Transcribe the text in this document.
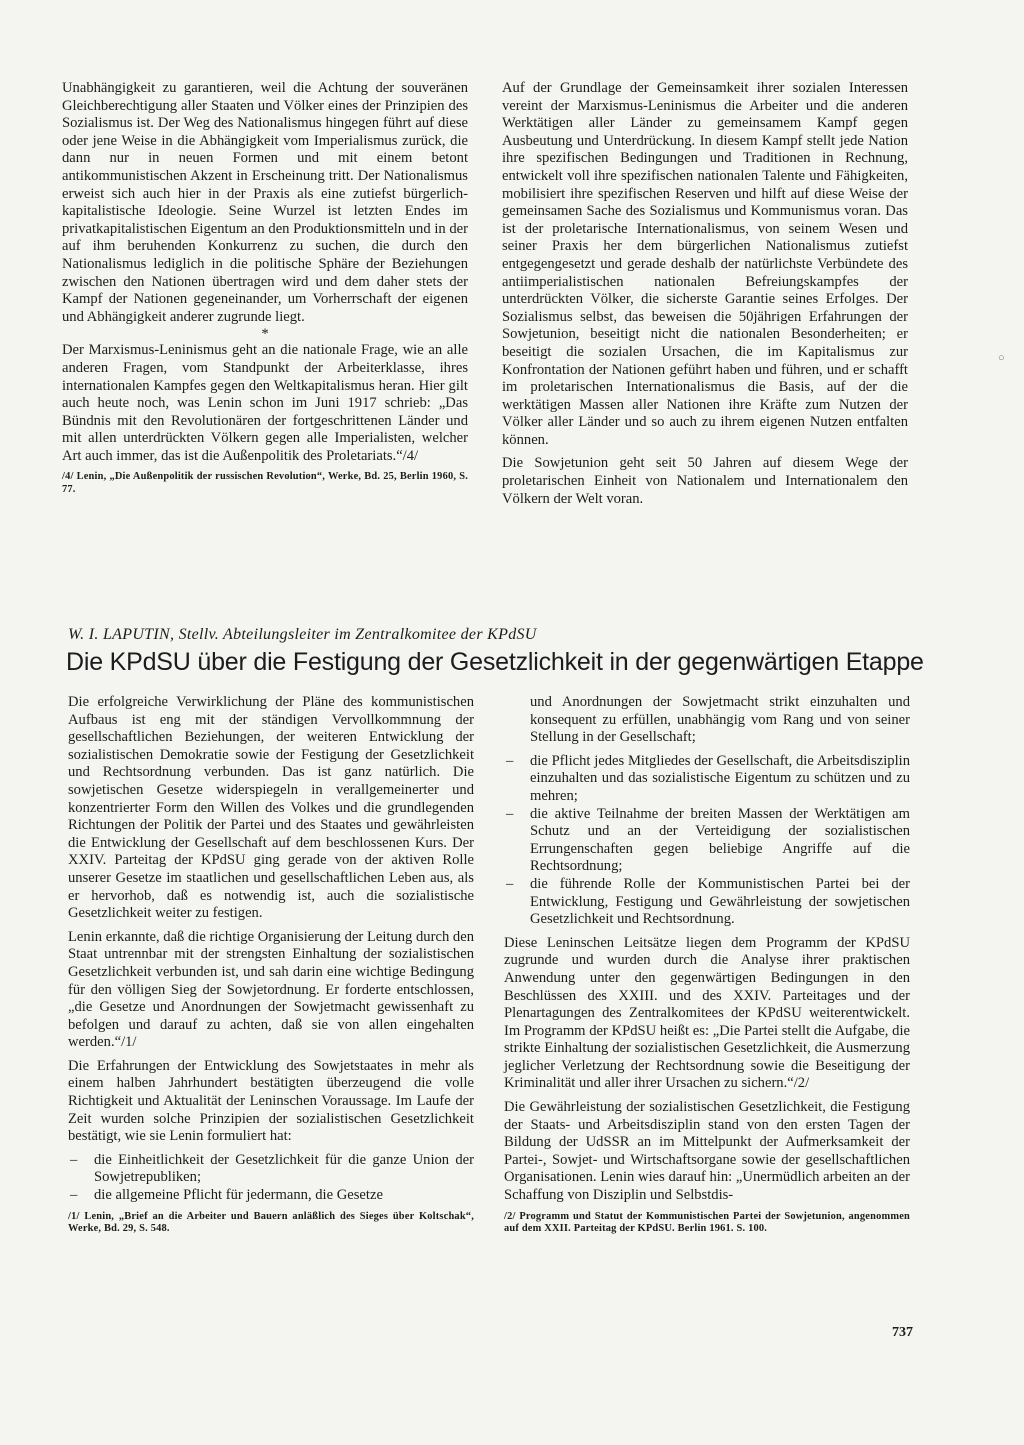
Unabhängigkeit zu garantieren, weil die Achtung der souveränen Gleichberechtigung aller Staaten und Völker eines der Prinzipien des Sozialismus ist. Der Weg des Nationalismus hingegen führt auf diese oder jene Weise in die Abhängigkeit vom Imperialismus zurück, die dann nur in neuen Formen und mit einem betont antikommunistischen Akzent in Erscheinung tritt. Der Nationalismus erweist sich auch hier in der Praxis als eine zutiefst bürgerlich-kapitalistische Ideologie. Seine Wurzel ist letzten Endes im privatkapitalistischen Eigentum an den Produktionsmitteln und in der auf ihm beruhenden Konkurrenz zu suchen, die durch den Nationalismus lediglich in die politische Sphäre der Beziehungen zwischen den Nationen übertragen wird und dem daher stets der Kampf der Nationen gegeneinander, um Vorherrschaft der eigenen und Abhängigkeit anderer zugrunde liegt.

*

Der Marxismus-Leninismus geht an die nationale Frage, wie an alle anderen Fragen, vom Standpunkt der Arbeiterklasse, ihres internationalen Kampfes gegen den Weltkapitalismus heran. Hier gilt auch heute noch, was Lenin schon im Juni 1917 schrieb: „Das Bündnis mit den Revolutionären der fortgeschrittenen Länder und mit allen unterdrückten Völkern gegen alle Imperialisten, welcher Art auch immer, das ist die Außenpolitik des Proletariats.“/4/

/4/ Lenin, „Die Außenpolitik der russischen Revolution“, Werke, Bd. 25, Berlin 1960, S. 77.

Auf der Grundlage der Gemeinsamkeit ihrer sozialen Interessen vereint der Marxismus-Leninismus die Arbeiter und die anderen Werktätigen aller Länder zu gemeinsamem Kampf gegen Ausbeutung und Unterdrückung. In diesem Kampf stellt jede Nation ihre spezifischen Bedingungen und Traditionen in Rechnung, entwickelt voll ihre spezifischen nationalen Talente und Fähigkeiten, mobilisiert ihre spezifischen Reserven und hilft auf diese Weise der gemeinsamen Sache des Sozialismus und Kommunismus voran. Das ist der proletarische Internationalismus, von seinem Wesen und seiner Praxis her dem bürgerlichen Nationalismus zutiefst entgegengesetzt und gerade deshalb der natürlichste Verbündete des antiimperialistischen nationalen Befreiungskampfes der unterdrückten Völker, die sicherste Garantie seines Erfolges. Der Sozialismus selbst, das beweisen die 50jährigen Erfahrungen der Sowjetunion, beseitigt nicht die nationalen Besonderheiten; er beseitigt die sozialen Ursachen, die im Kapitalismus zur Konfrontation der Nationen geführt haben und führen, und er schafft im proletarischen Internationalismus die Basis, auf der die werktätigen Massen aller Nationen ihre Kräfte zum Nutzen der Völker aller Länder und so auch zu ihrem eigenen Nutzen entfalten können.

Die Sowjetunion geht seit 50 Jahren auf diesem Wege der proletarischen Einheit von Nationalem und Internationalem den Völkern der Welt voran.

W. I. LAPUTIN, Stellv. Abteilungsleiter im Zentralkomitee der KPdSU
Die KPdSU über die Festigung der Gesetzlichkeit in der gegenwärtigen Etappe

Die erfolgreiche Verwirklichung der Pläne des kommunistischen Aufbaus ist eng mit der ständigen Vervollkommnung der gesellschaftlichen Beziehungen, der weiteren Entwicklung der sozialistischen Demokratie sowie der Festigung der Gesetzlichkeit und Rechtsordnung verbunden. Das ist ganz natürlich. Die sowjetischen Gesetze widerspiegeln in verallgemeinerter und konzentrierter Form den Willen des Volkes und die grundlegenden Richtungen der Politik der Partei und des Staates und gewährleisten die Entwicklung der Gesellschaft auf dem beschlossenen Kurs. Der XXIV. Parteitag der KPdSU ging gerade von der aktiven Rolle unserer Gesetze im staatlichen und gesellschaftlichen Leben aus, als er hervorhob, daß es notwendig ist, auch die sozialistische Gesetzlichkeit weiter zu festigen.

Lenin erkannte, daß die richtige Organisierung der Leitung durch den Staat untrennbar mit der strengsten Einhaltung der sozialistischen Gesetzlichkeit verbunden ist, und sah darin eine wichtige Bedingung für den völligen Sieg der Sowjetordnung. Er forderte entschlossen, „die Gesetze und Anordnungen der Sowjetmacht gewissenhaft zu befolgen und darauf zu achten, daß sie von allen eingehalten werden.“/1/

Die Erfahrungen der Entwicklung des Sowjetstaates in mehr als einem halben Jahrhundert bestätigten überzeugend die volle Richtigkeit und Aktualität der Leninschen Voraussage. Im Laufe der Zeit wurden solche Prinzipien der sozialistischen Gesetzlichkeit bestätigt, wie sie Lenin formuliert hat:

– die Einheitlichkeit der Gesetzlichkeit für die ganze Union der Sowjetrepubliken;
– die allgemeine Pflicht für jedermann, die Gesetze

/1/ Lenin, „Brief an die Arbeiter und Bauern anläßlich des Sieges über Koltschak“, Werke, Bd. 29, S. 548.

und Anordnungen der Sowjetmacht strikt einzuhalten und konsequent zu erfüllen, unabhängig vom Rang und von seiner Stellung in der Gesellschaft;
– die Pflicht jedes Mitgliedes der Gesellschaft, die Arbeitsdisziplin einzuhalten und das sozialistische Eigentum zu schützen und zu mehren;
– die aktive Teilnahme der breiten Massen der Werktätigen am Schutz und an der Verteidigung der sozialistischen Errungenschaften gegen beliebige Angriffe auf die Rechtsordnung;
– die führende Rolle der Kommunistischen Partei bei der Entwicklung, Festigung und Gewährleistung der sowjetischen Gesetzlichkeit und Rechtsordnung.

Diese Leninschen Leitsätze liegen dem Programm der KPdSU zugrunde und wurden durch die Analyse ihrer praktischen Anwendung unter den gegenwärtigen Bedingungen in den Beschlüssen des XXIII. und des XXIV. Parteitages und der Plenartagungen des Zentralkomitees der KPdSU weiterentwickelt. Im Programm der KPdSU heißt es: „Die Partei stellt die Aufgabe, die strikte Einhaltung der sozialistischen Gesetzlichkeit, die Ausmerzung jeglicher Verletzung der Rechtsordnung sowie die Beseitigung der Kriminalität und aller ihrer Ursachen zu sichern.“/2/

Die Gewährleistung der sozialistischen Gesetzlichkeit, die Festigung der Staats- und Arbeitsdisziplin stand von den ersten Tagen der Bildung der UdSSR an im Mittelpunkt der Aufmerksamkeit der Partei-, Sowjet- und Wirtschaftsorgane sowie der gesellschaftlichen Organisationen. Lenin wies darauf hin: „Unermüdlich arbeiten an der Schaffung von Disziplin und Selbstdis-

/2/ Programm und Statut der Kommunistischen Partei der Sowjetunion, angenommen auf dem XXII. Parteitag der KPdSU. Berlin 1961. S. 100.

737
○
